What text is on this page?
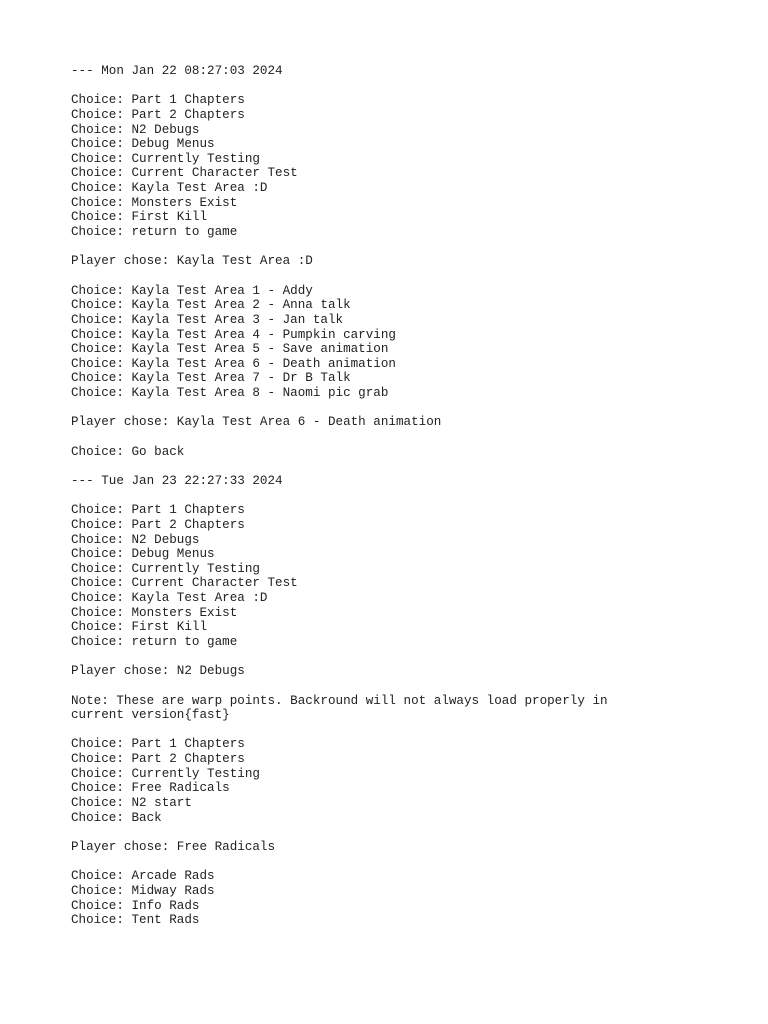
--- Mon Jan 22 08:27:03 2024
Choice: Part 1 Chapters
Choice: Part 2 Chapters
Choice: N2 Debugs
Choice: Debug Menus
Choice: Currently Testing
Choice: Current Character Test
Choice: Kayla Test Area :D
Choice: Monsters Exist
Choice: First Kill
Choice: return to game
Player chose: Kayla Test Area :D
Choice: Kayla Test Area 1 - Addy
Choice: Kayla Test Area 2 - Anna talk
Choice: Kayla Test Area 3 - Jan talk
Choice: Kayla Test Area 4 - Pumpkin carving
Choice: Kayla Test Area 5 - Save animation
Choice: Kayla Test Area 6 - Death animation
Choice: Kayla Test Area 7 - Dr B Talk
Choice: Kayla Test Area 8 - Naomi pic grab
Player chose: Kayla Test Area 6 - Death animation
Choice: Go back
--- Tue Jan 23 22:27:33 2024
Choice: Part 1 Chapters
Choice: Part 2 Chapters
Choice: N2 Debugs
Choice: Debug Menus
Choice: Currently Testing
Choice: Current Character Test
Choice: Kayla Test Area :D
Choice: Monsters Exist
Choice: First Kill
Choice: return to game
Player chose: N2 Debugs
Note: These are warp points. Backround will not always load properly in
current version{fast}
Choice: Part 1 Chapters
Choice: Part 2 Chapters
Choice: Currently Testing
Choice: Free Radicals
Choice: N2 start
Choice: Back
Player chose: Free Radicals
Choice: Arcade Rads
Choice: Midway Rads
Choice: Info Rads
Choice: Tent Rads
